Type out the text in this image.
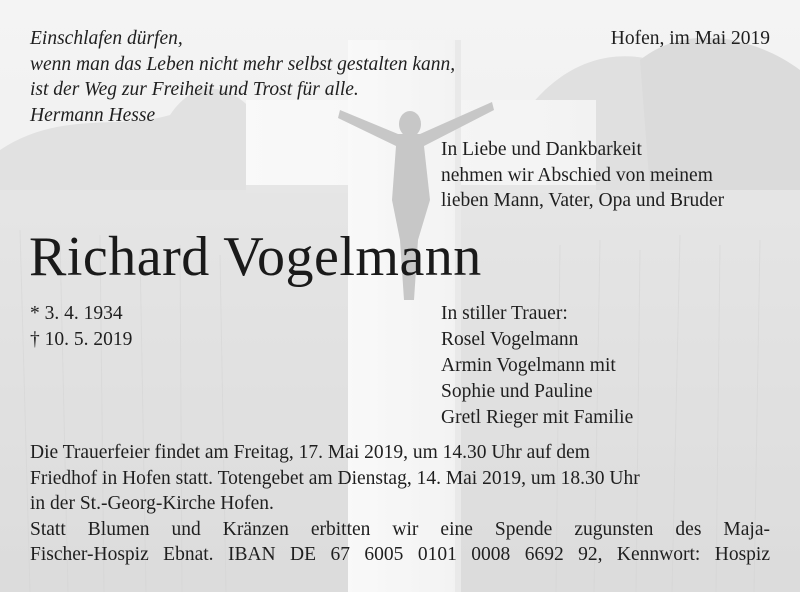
Einschlafen dürfen,
wenn man das Leben nicht mehr selbst gestalten kann,
ist der Weg zur Freiheit und Trost für alle.
Hermann Hesse
Hofen, im Mai 2019
In Liebe und Dankbarkeit
nehmen wir Abschied von meinem
lieben Mann, Vater, Opa und Bruder
Richard Vogelmann
* 3. 4. 1934
† 10. 5. 2019
In stiller Trauer:
Rosel Vogelmann
Armin Vogelmann mit
Sophie und Pauline
Gretl Rieger mit Familie
Die Trauerfeier findet am Freitag, 17. Mai 2019, um 14.30 Uhr auf dem
Friedhof in Hofen statt. Totengebet am Dienstag, 14. Mai 2019, um 18.30 Uhr
in der St.-Georg-Kirche Hofen.
Statt Blumen und Kränzen erbitten wir eine Spende zugunsten des Maja-
Fischer-Hospiz Ebnat. IBAN DE 67 6005 0101 0008 6692 92, Kennwort: Hospiz
